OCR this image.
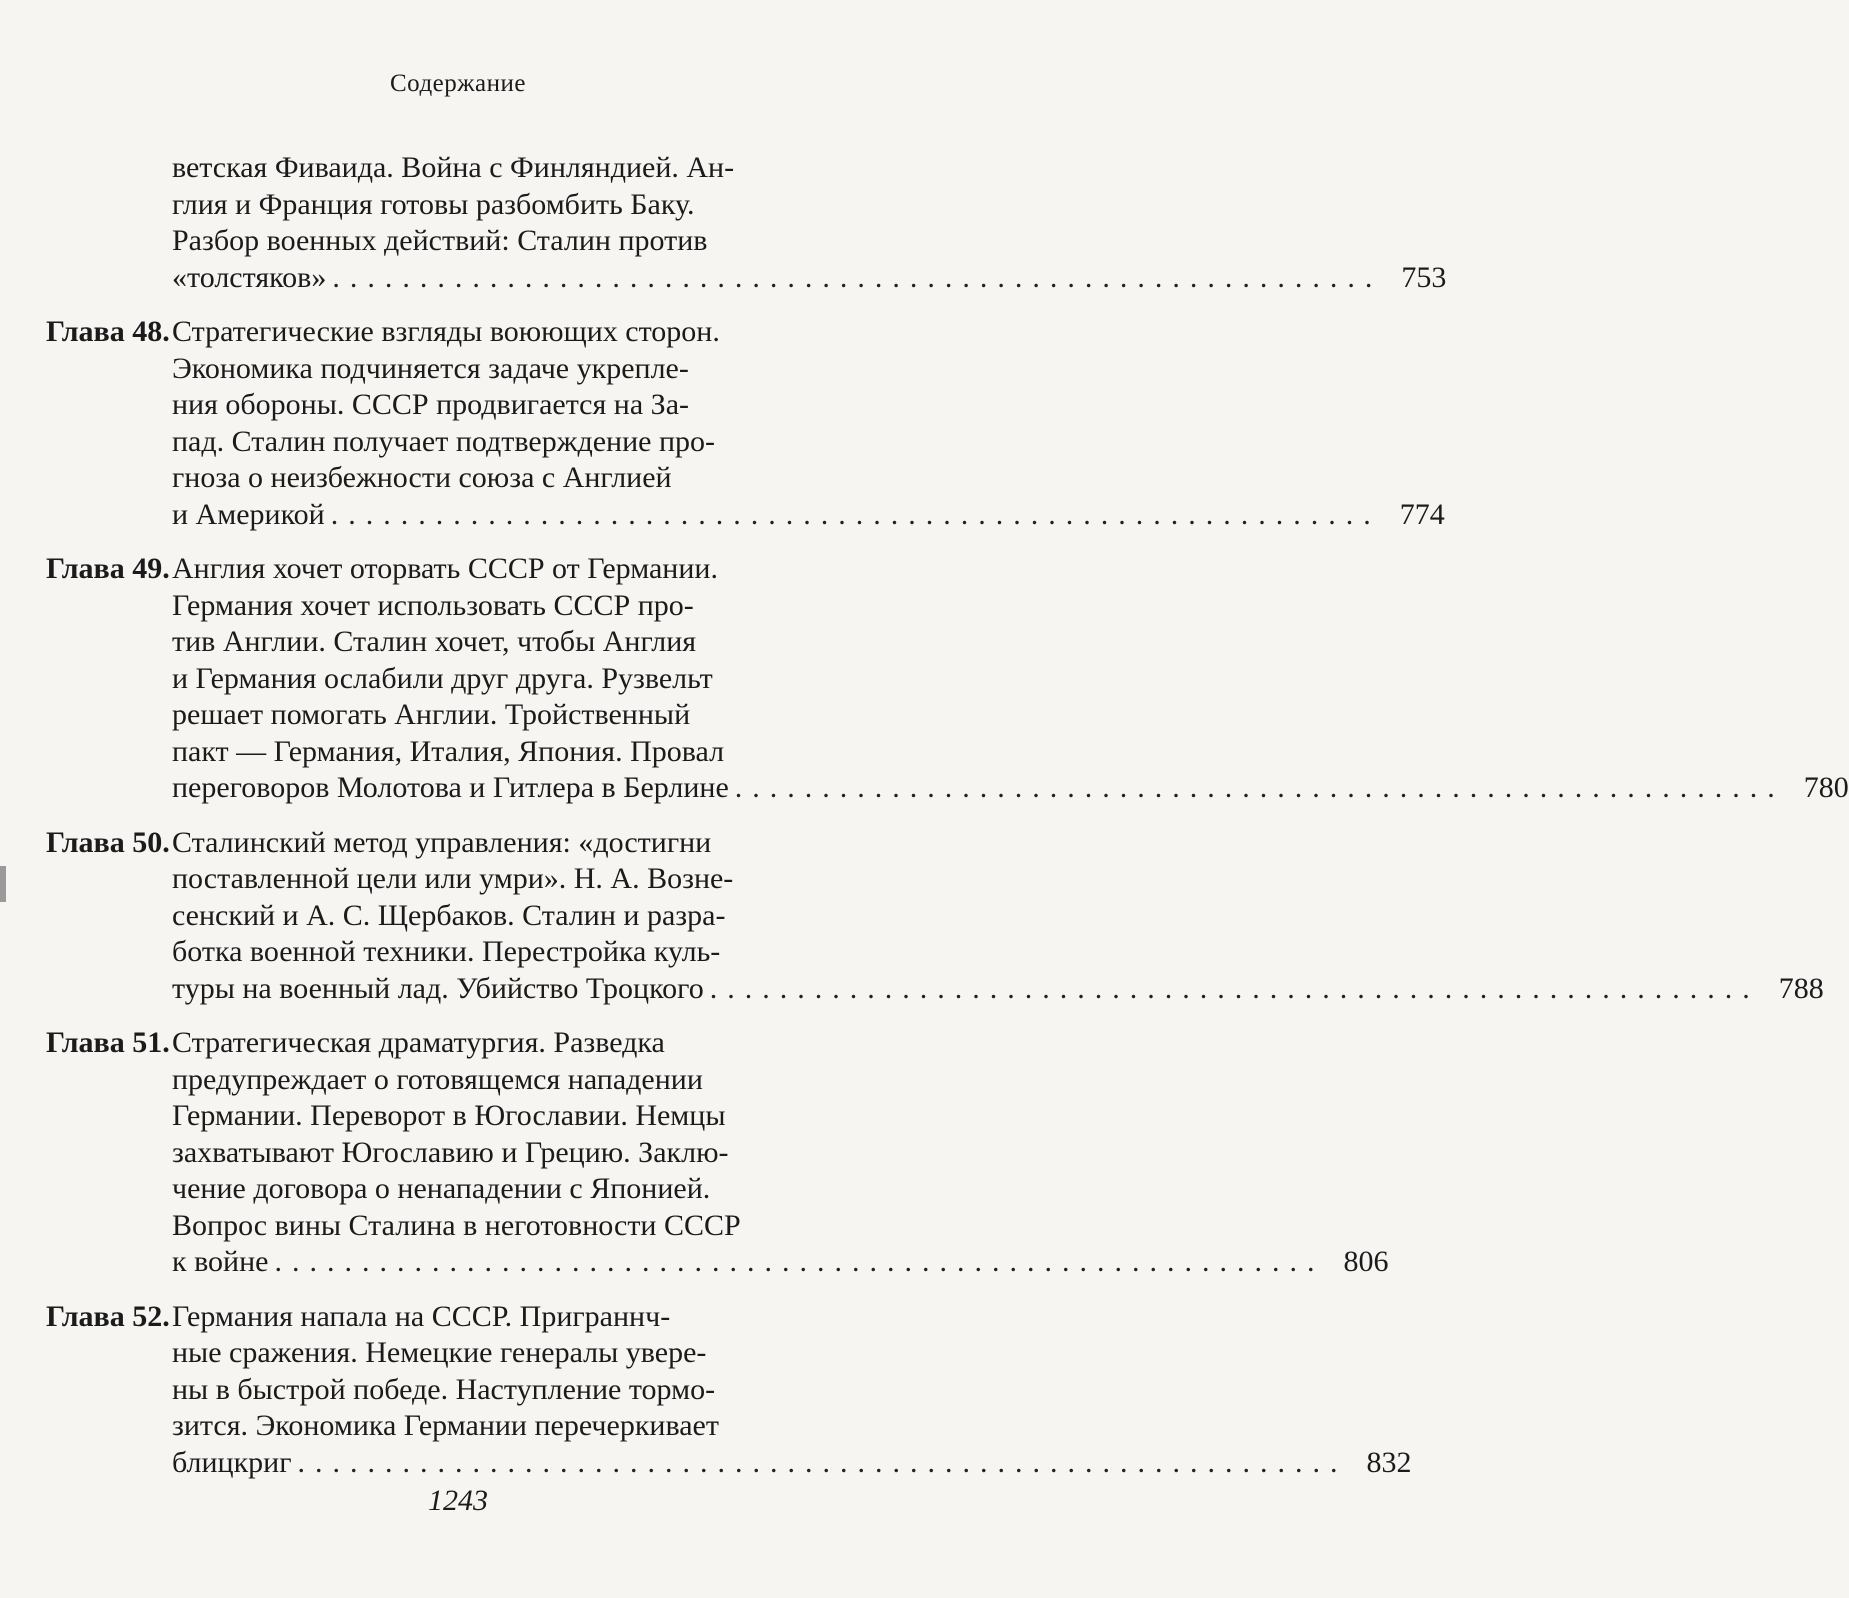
Содержание
ветская Фиваида. Война с Финляндией. Ан-
глия и Франция готовы разбомбить Баку.
Разбор военных действий: Сталин против
«толстяков» ............................................................ 753
Глава 48. Стратегические взгляды воюющих сторон.
Экономика подчиняется задаче укрепле-
ния обороны. СССР продвигается на За-
пад. Сталин получает подтверждение про-
гноза о неизбежности союза с Англией
и Америкой ............................................................ 774
Глава 49. Англия хочет оторвать СССР от Германии.
Германия хочет использовать СССР про-
тив Англии. Сталин хочет, чтобы Англия
и Германия ослабили друг друга. Рузвельт
решает помогать Англии. Тройственный
пакт — Германия, Италия, Япония. Провал
переговоров Молотова и Гитлера в Берлине ............................................................ 780
Глава 50. Сталинский метод управления: «достигни
поставленной цели или умри». Н. А. Возне-
сенский и А. С. Щербаков. Сталин и разра-
ботка военной техники. Перестройка куль-
туры на военный лад. Убийство Троцкого ............................................................ 788
Глава 51. Стратегическая драматургия. Разведка
предупреждает о готовящемся нападении
Германии. Переворот в Югославии. Немцы
захватывают Югославию и Грецию. Заклю-
чение договора о ненападении с Японией.
Вопрос вины Сталина в неготовности СССР
к войне ............................................................ 806
Глава 52. Германия напала на СССР. Приграннч-
ные сражения. Немецкие генералы увере-
ны в быстрой победе. Наступление тормо-
зится. Экономика Германии перечеркивает
блицкриг ............................................................ 832
1243
